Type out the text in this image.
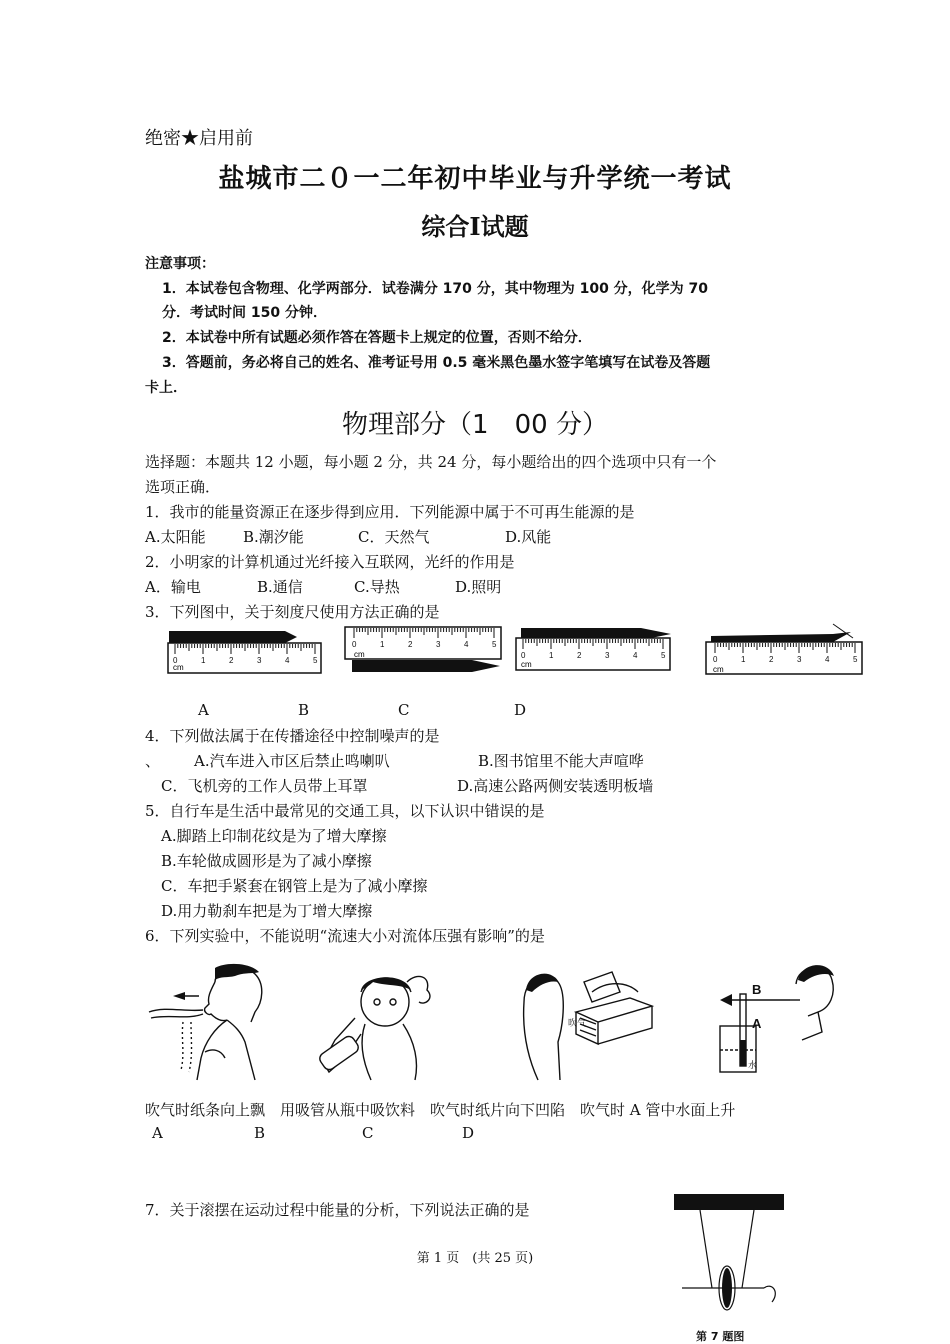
绝密★启用前
盐城市二０一二年初中毕业与升学统一考试
综合Ⅰ试题
注意事项：
1．本试卷包含物理、化学两部分．试卷满分 170 分，其中物理为 100 分，化学为 70
分．考试时间 150 分钟．
2．本试卷中所有试题必须作答在答题卡上规定的位置，否则不给分．
3．答题前，务必将自己的姓名、准考证号用 0.5 毫米黑色墨水签字笔填写在试卷及答题
卡上．
物理部分（1　00 分）
选择题：本题共 12 小题，每小题 2 分，共 24 分，每小题给出的四个选项中只有一个
选项正确．
1．我市的能量资源正在逐步得到应用．下列能源中属于不可再生能源的是
A.太阳能 B.潮汐能	C．天然气	D.风能
2．小明家的计算机通过光纤接入互联网，光纤的作用是
A．输电	B.通信	C.导热	D.照明
3．下列图中，关于刻度尺使用方法正确的是
cm
0	1	2	3	4	5
cm
0	1	2	3	4	5
cm
0	1	2	3	4	5
cm
0	1	2	3	4	5
A	B	C	D
4．下列做法属于在传播途径中控制噪声的是
、 A.汽车进入市区后禁止鸣喇叭	B.图书馆里不能大声喧哗
C．飞机旁的工作人员带上耳罩	D.高速公路两侧安装透明板墙
5．自行车是生活中最常见的交通工具，以下认识中错误的是
A.脚踏上印制花纹是为了增大摩擦
B.车轮做成圆形是为了减小摩擦
C．车把手紧套在钢管上是为了减小摩擦
D.用力勒刹车把是为丁增大摩擦
6．下列实验中，不能说明“流速大小对流体压强有影响”的是
吹气
B
A
水
吹气时纸条向上飘　用吸管从瓶中吸饮料　吹气时纸片向下凹陷　吹气时 A 管中水面上升
A	B	C	D
7．关于滚摆在运动过程中能量的分析，下列说法正确的是
第 7 题图
第 1 页　(共 25 页)
